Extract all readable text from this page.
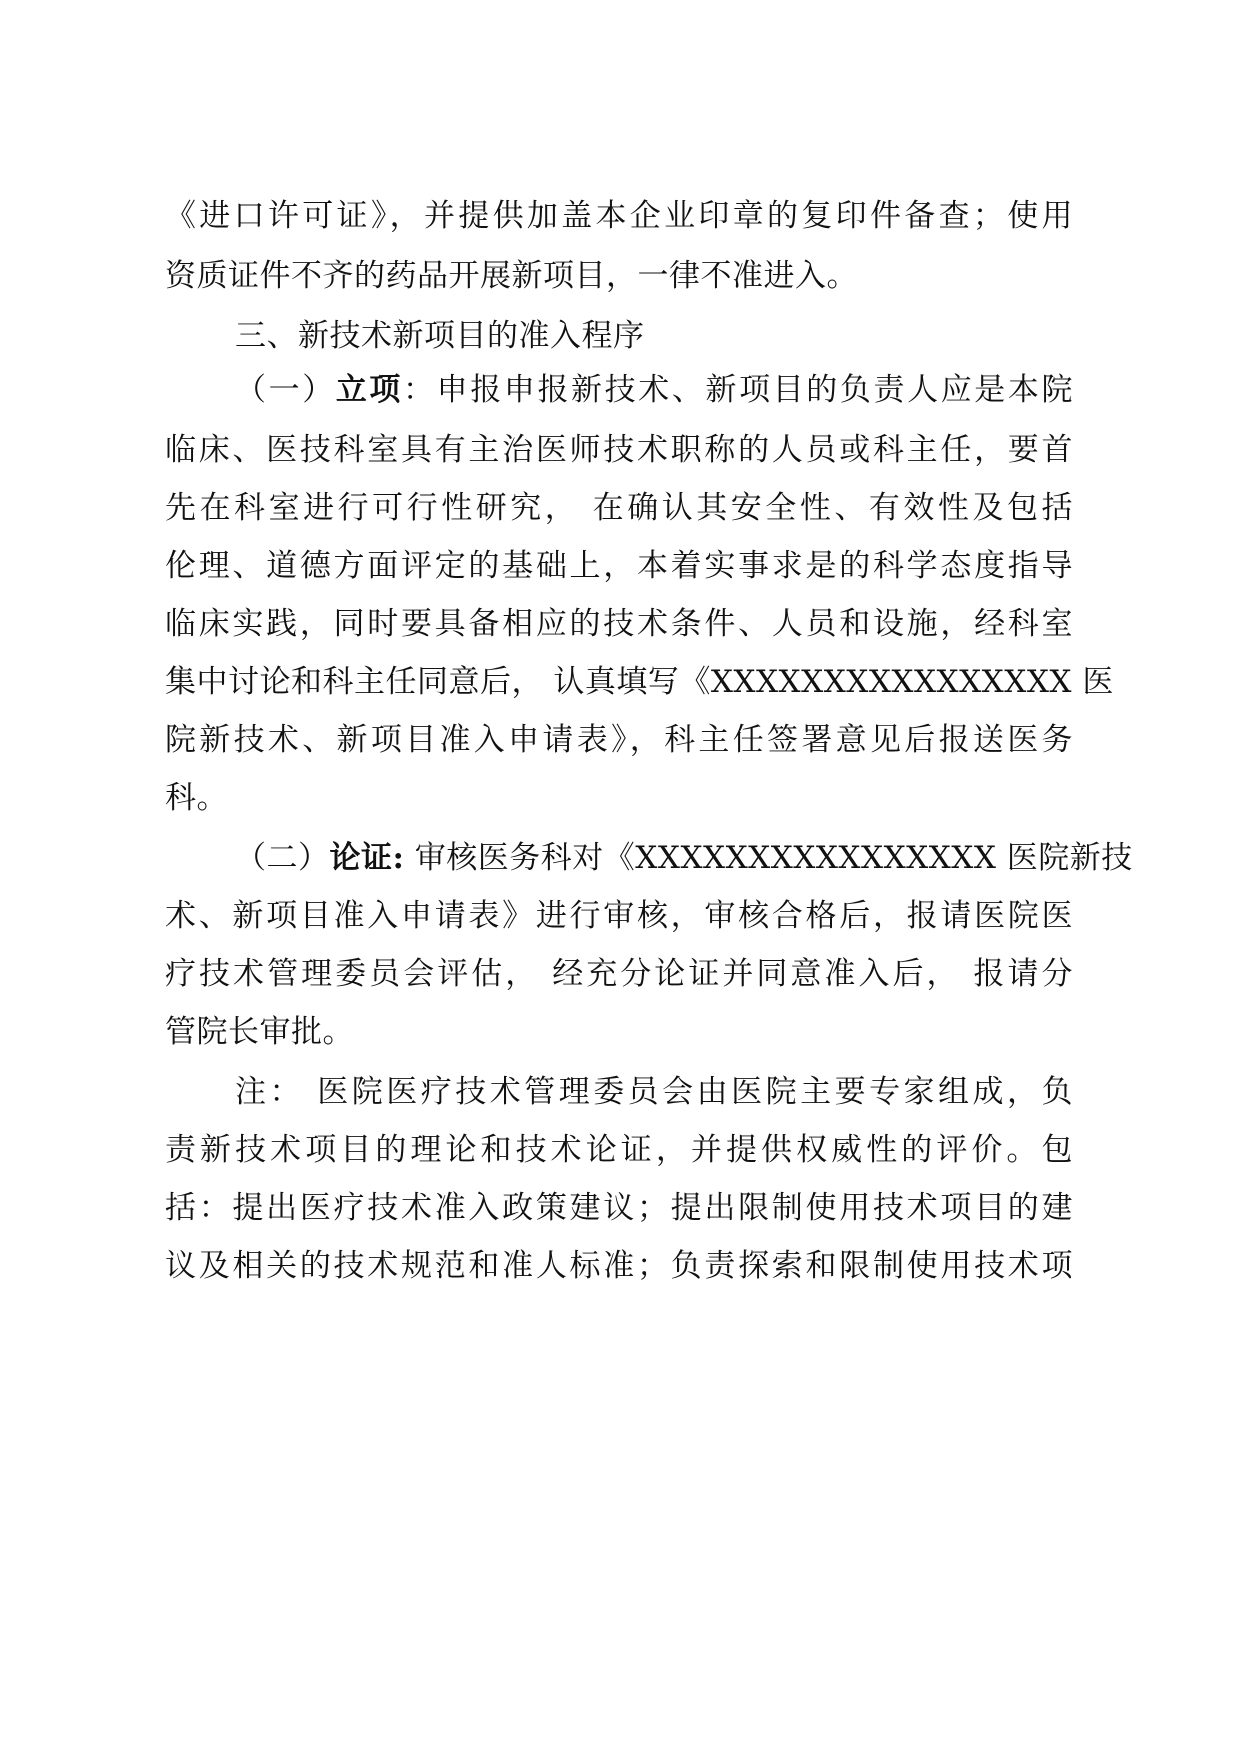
《进口许可证》，并提供加盖本企业印章的复印件备查；使用
资质证件不齐的药品开展新项目，一律不准进入。
三、新技术新项目的准入程序
（一）立项：申报申报新技术、新项目的负责人应是本院
临床、医技科室具有主治医师技术职称的人员或科主任，要首
先在科室进行可行性研究， 在确认其安全性、有效性及包括
伦理、道德方面评定的基础上，本着实事求是的科学态度指导
临床实践，同时要具备相应的技术条件、人员和设施，经科室
集中讨论和科主任同意后， 认真填写《XXXXXXXXXXXXXXXX 医
院新技术、新项目准入申请表》，科主任签署意见后报送医务
科。
（二）论证: 审核医务科对《XXXXXXXXXXXXXXXX 医院新技
术、新项目准入申请表》进行审核，审核合格后，报请医院医
疗技术管理委员会评估， 经充分论证并同意准入后， 报请分
管院长审批。
注： 医院医疗技术管理委员会由医院主要专家组成，负
责新技术项目的理论和技术论证，并提供权威性的评价。包
括：提出医疗技术准入政策建议；提出限制使用技术项目的建
议及相关的技术规范和准人标准；负责探索和限制使用技术项
